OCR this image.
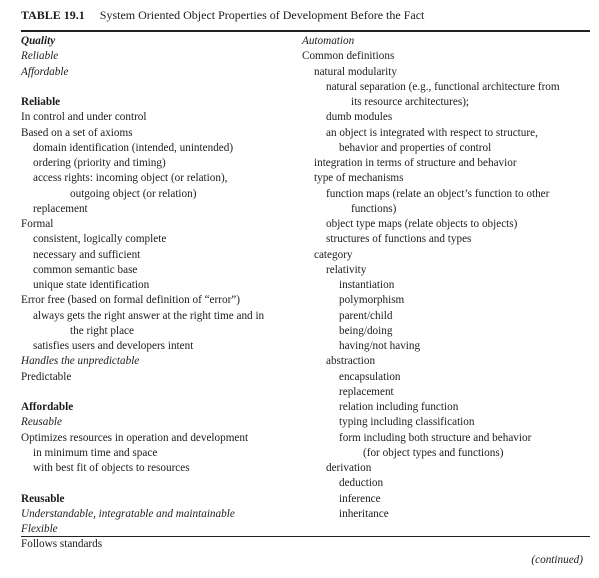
TABLE 19.1 System Oriented Object Properties of Development Before the Fact
Quality
Reliable
Affordable
Reliable
In control and under control
Based on a set of axioms
domain identification (intended, unintended)
ordering (priority and timing)
access rights: incoming object (or relation),
outgoing object (or relation)
replacement
Formal
consistent, logically complete
necessary and sufficient
common semantic base
unique state identification
Error free (based on formal definition of “error”)
always gets the right answer at the right time and in
the right place
satisfies users and developers intent
Handles the unpredictable
Predictable
Affordable
Reusable
Optimizes resources in operation and development
in minimum time and space
with best fit of objects to resources
Reusable
Understandable, integratable and maintainable
Flexible
Follows standards
Automation
Common definitions
natural modularity
natural separation (e.g., functional architecture from
its resource architectures);
dumb modules
an object is integrated with respect to structure,
behavior and properties of control
integration in terms of structure and behavior
type of mechanisms
function maps (relate an object’s function to other
functions)
object type maps (relate objects to objects)
structures of functions and types
category
relativity
instantiation
polymorphism
parent/child
being/doing
having/not having
abstraction
encapsulation
replacement
relation including function
typing including classification
form including both structure and behavior
(for object types and functions)
derivation
deduction
inference
inheritance
(continued)
